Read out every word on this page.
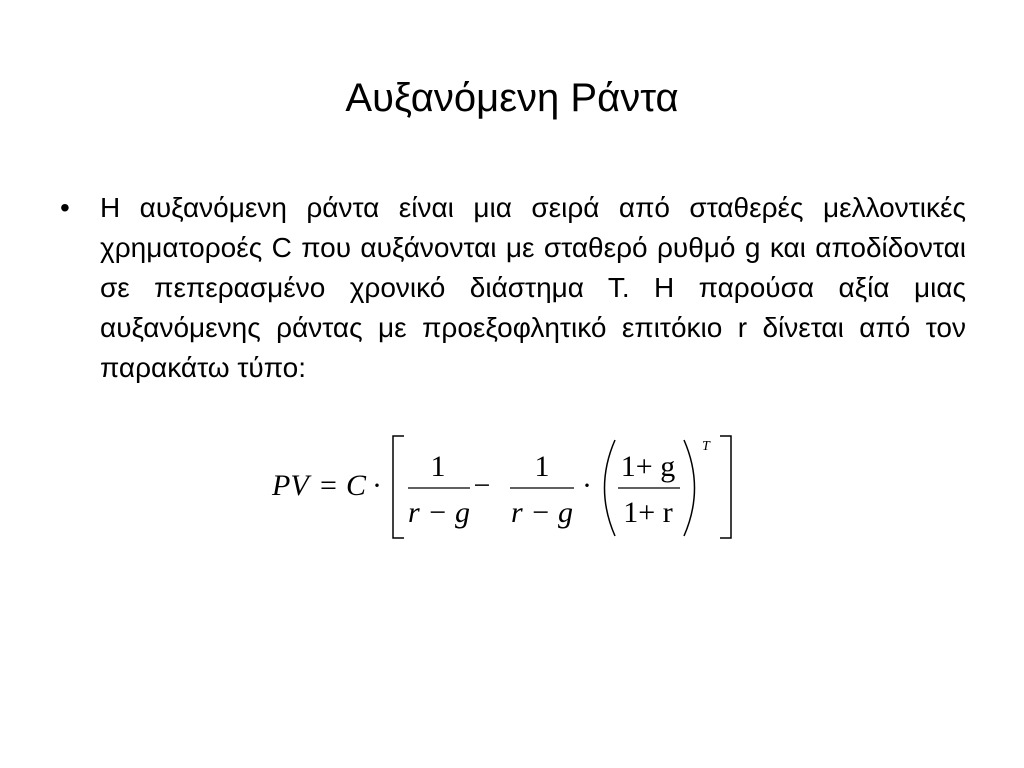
Αυξανόμενη Ράντα
• Η αυξανόμενη ράντα είναι μια σειρά από σταθερές μελλοντικές χρηματοροές C που αυξάνονται με σταθερό ρυθμό g και αποδίδονται σε πεπερασμένο χρονικό διάστημα Τ. Η παρούσα αξία μιας αυξανόμενης ράντας με προεξοφλητικό επιτόκιο r δίνεται από τον παρακάτω τύπο:
PV = C ·
1
r − g
−
1
r − g
·
1+ g
1+ r
T
